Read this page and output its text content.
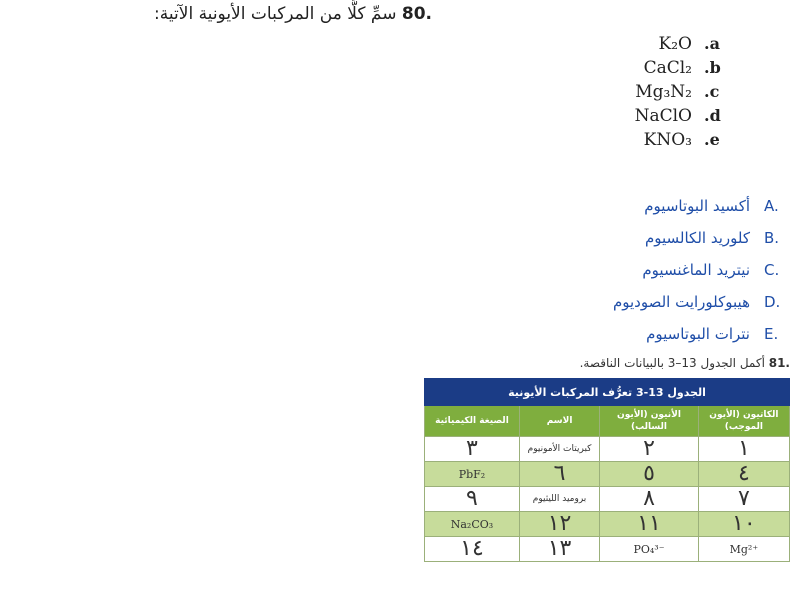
80. سمِّ كلًّا من المركبات الأيونية الآتية:
K₂O .a
CaCl₂ .b
Mg₃N₂ .c
NaClO .d
KNO₃ .e
A.
أكسيد البوتاسيوم
B.
كلوريد الكالسيوم
C.
نيتريد الماغنسيوم
D.
هيبوكلورايت الصوديوم
E.
نترات البوتاسيوم
81. أكمل الجدول 13–3 بالبيانات الناقصة.
الجدول 13-3 تعرُّف المركبات الأيونية			
الكاتيون (الأيون الموجب)	الأنيون (الأيون السالب)	الاسم	الصيغة الكيميائية
١	٢	كبريتات الأمونيوم	٣
٤	٥	٦	PbF₂
٧	٨	بروميد الليثيوم	٩
١٠	١١	١٢	Na₂CO₃
Mg²⁺	PO₄³⁻	١٣	١٤
